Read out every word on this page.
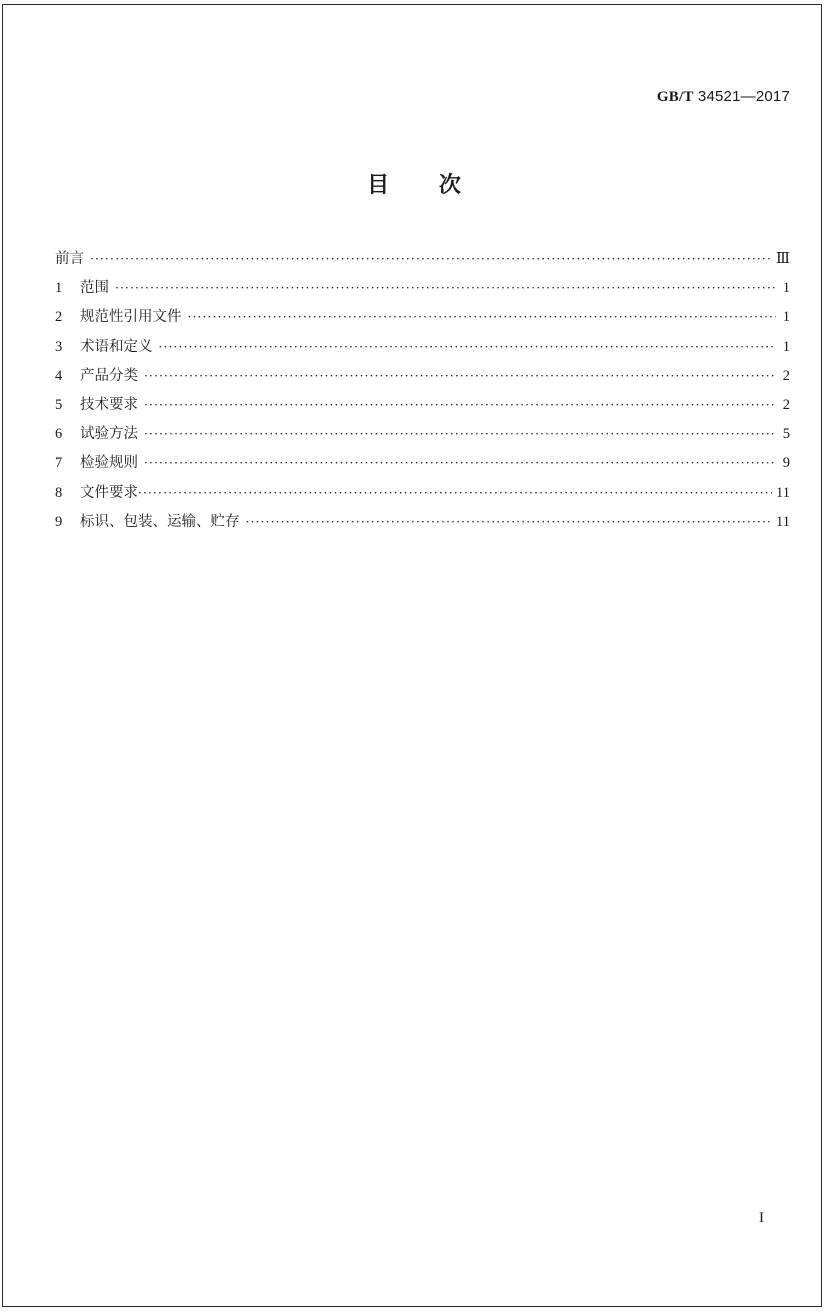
GB/T 34521—2017
目 次
前言 ·····	Ⅲ
1	范围 ·····	1
2	规范性引用文件 ·····	1
3	术语和定义 ·····	1
4	产品分类 ·····	2
5	技术要求 ·····	2
6	试验方法 ·····	5
7	检验规则 ·····	9
8	文件要求 ·····	11
9	标识、包装、运输、贮存 ·····	11
I
